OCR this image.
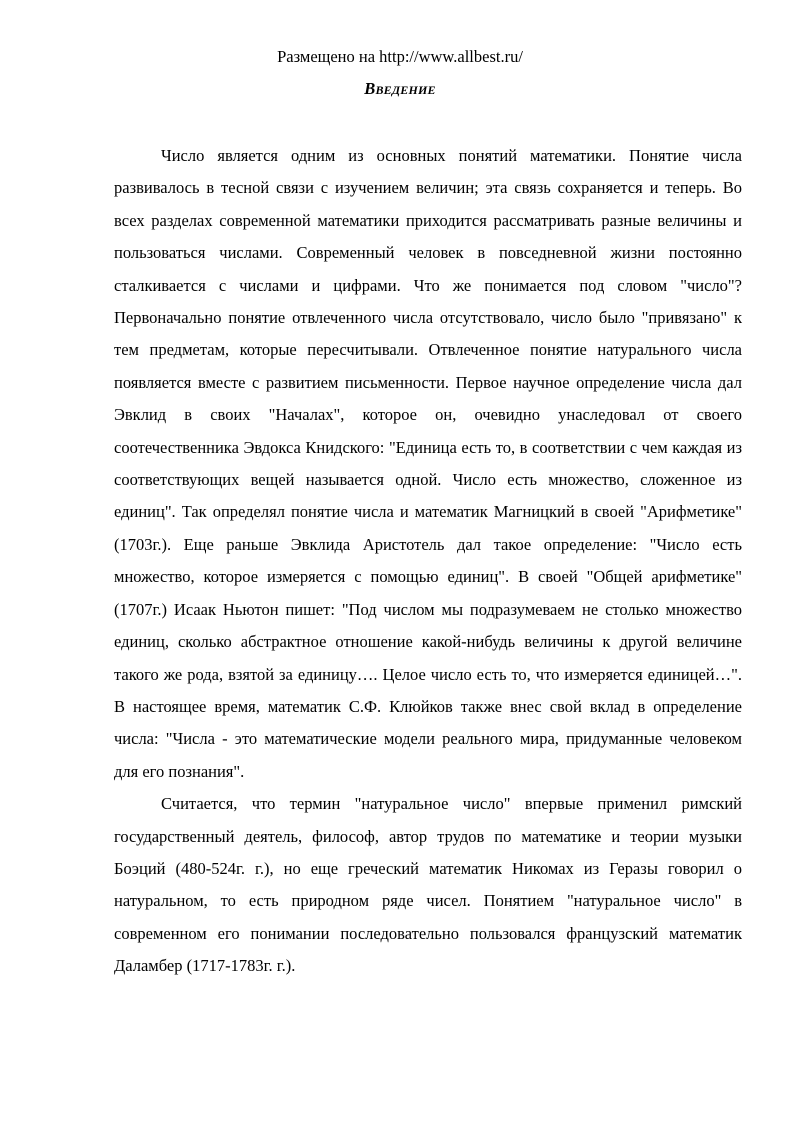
Размещено на http://www.allbest.ru/
Введение

Число является одним из основных понятий математики. Понятие числа развивалось в тесной связи с изучением величин; эта связь сохраняется и теперь. Во всех разделах современной математики приходится рассматривать разные величины и пользоваться числами. Современный человек в повседневной жизни постоянно сталкивается с числами и цифрами. Что же понимается под словом "число"? Первоначально понятие отвлеченного числа отсутствовало, число было "привязано" к тем предметам, которые пересчитывали. Отвлеченное понятие натурального числа появляется вместе с развитием письменности. Первое научное определение числа дал Эвклид в своих "Началах", которое он, очевидно унаследовал от своего соотечественника Эвдокса Книдского: "Единица есть то, в соответствии с чем каждая из соответствующих вещей называется одной. Число есть множество, сложенное из единиц". Так определял понятие числа и математик Магницкий в своей "Арифметике" (1703г.). Еще раньше Эвклида Аристотель дал такое определение: "Число есть множество, которое измеряется с помощью единиц". В своей "Общей арифметике" (1707г.) Исаак Ньютон пишет: "Под числом мы подразумеваем не столько множество единиц, сколько абстрактное отношение какой-нибудь величины к другой величине такого же рода, взятой за единицу…. Целое число есть то, что измеряется единицей…". В настоящее время, математик С.Ф. Клюйков также внес свой вклад в определение числа: "Числа - это математические модели реального мира, придуманные человеком для его познания".

Считается, что термин "натуральное число" впервые применил римский государственный деятель, философ, автор трудов по математике и теории музыки Боэций (480-524г. г.), но еще греческий математик Никомах из Геразы говорил о натуральном, то есть природном ряде чисел. Понятием "натуральное число" в современном его понимании последовательно пользовался французский математик Даламбер (1717-1783г. г.).
